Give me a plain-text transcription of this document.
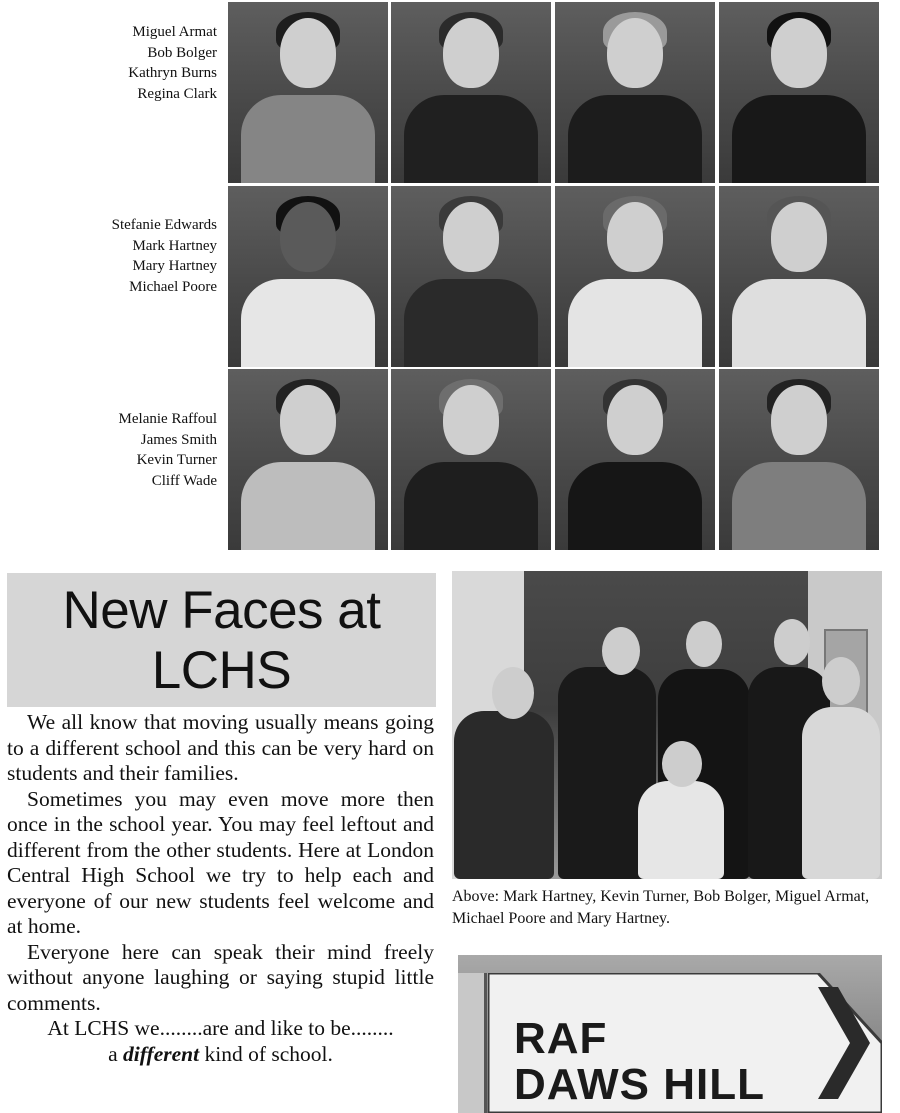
Miguel Armat
Bob Bolger
Kathryn Burns
Regina Clark
Stefanie Edwards
Mark Hartney
Mary Hartney
Michael Poore
Melanie Raffoul
James Smith
Kevin Turner
Cliff Wade
New Faces at
LCHS

We all know that moving usually means going to a different school and this can be very hard on students and their families.

Sometimes you may even move more then once in the school year. You may feel leftout and different from the other students. Here at London Central High School we try to help each and everyone of our new students feel welcome and at home.

Everyone here can speak their mind freely without anyone laughing or saying stupid little comments.

At LCHS we........are and like to be........

a different kind of school.

Above: Mark Hartney, Kevin Turner, Bob Bolger, Miguel Armat, Michael Poore and Mary Hartney.
RAF
DAWS HILL
